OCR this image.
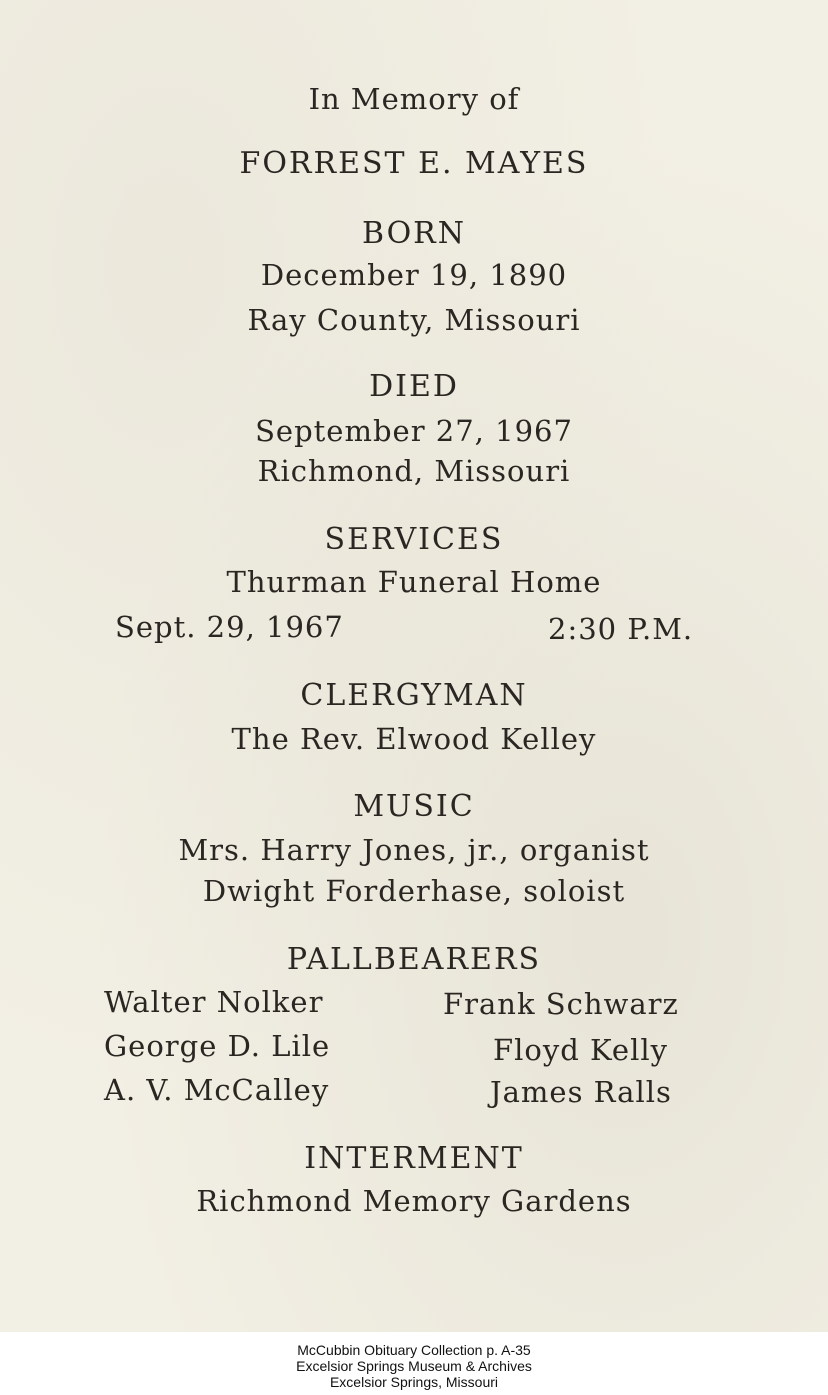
In Memory of
FORREST E. MAYES
BORN
December 19, 1890
Ray County, Missouri
DIED
September 27, 1967
Richmond, Missouri
SERVICES
Thurman Funeral Home
Sept. 29, 1967	2:30 P.M.
CLERGYMAN
The Rev. Elwood Kelley
MUSIC
Mrs. Harry Jones, jr., organist
Dwight Forderhase, soloist
PALLBEARERS
Walter Nolker
George D. Lile
A. V. McCalley
Frank Schwarz
Floyd Kelly
James Ralls
INTERMENT
Richmond Memory Gardens
McCubbin Obituary Collection p. A-35
Excelsior Springs Museum & Archives
Excelsior Springs, Missouri
